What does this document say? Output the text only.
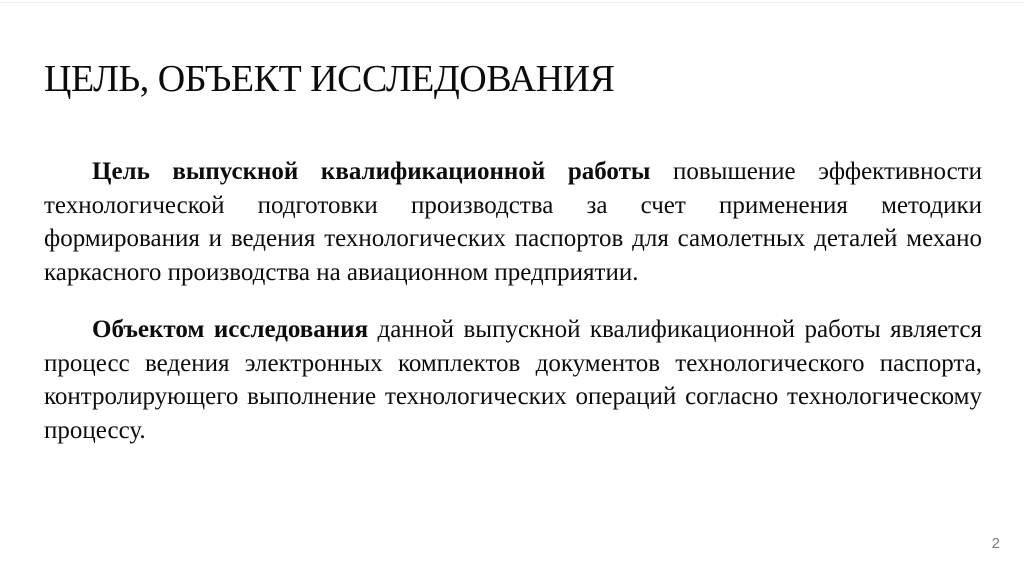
ЦЕЛЬ, ОБЪЕКТ ИССЛЕДОВАНИЯ

Цель выпускной квалификационной работы повышение эффективности технологической подготовки производства за счет применения методики формирования и ведения технологических паспортов для самолетных деталей механо каркасного производства на авиационном предприятии.

Объектом исследования данной выпускной квалификационной работы является процесс ведения электронных комплектов документов технологического паспорта, контролирующего выполнение технологических операций согласно технологическому процессу.

2
